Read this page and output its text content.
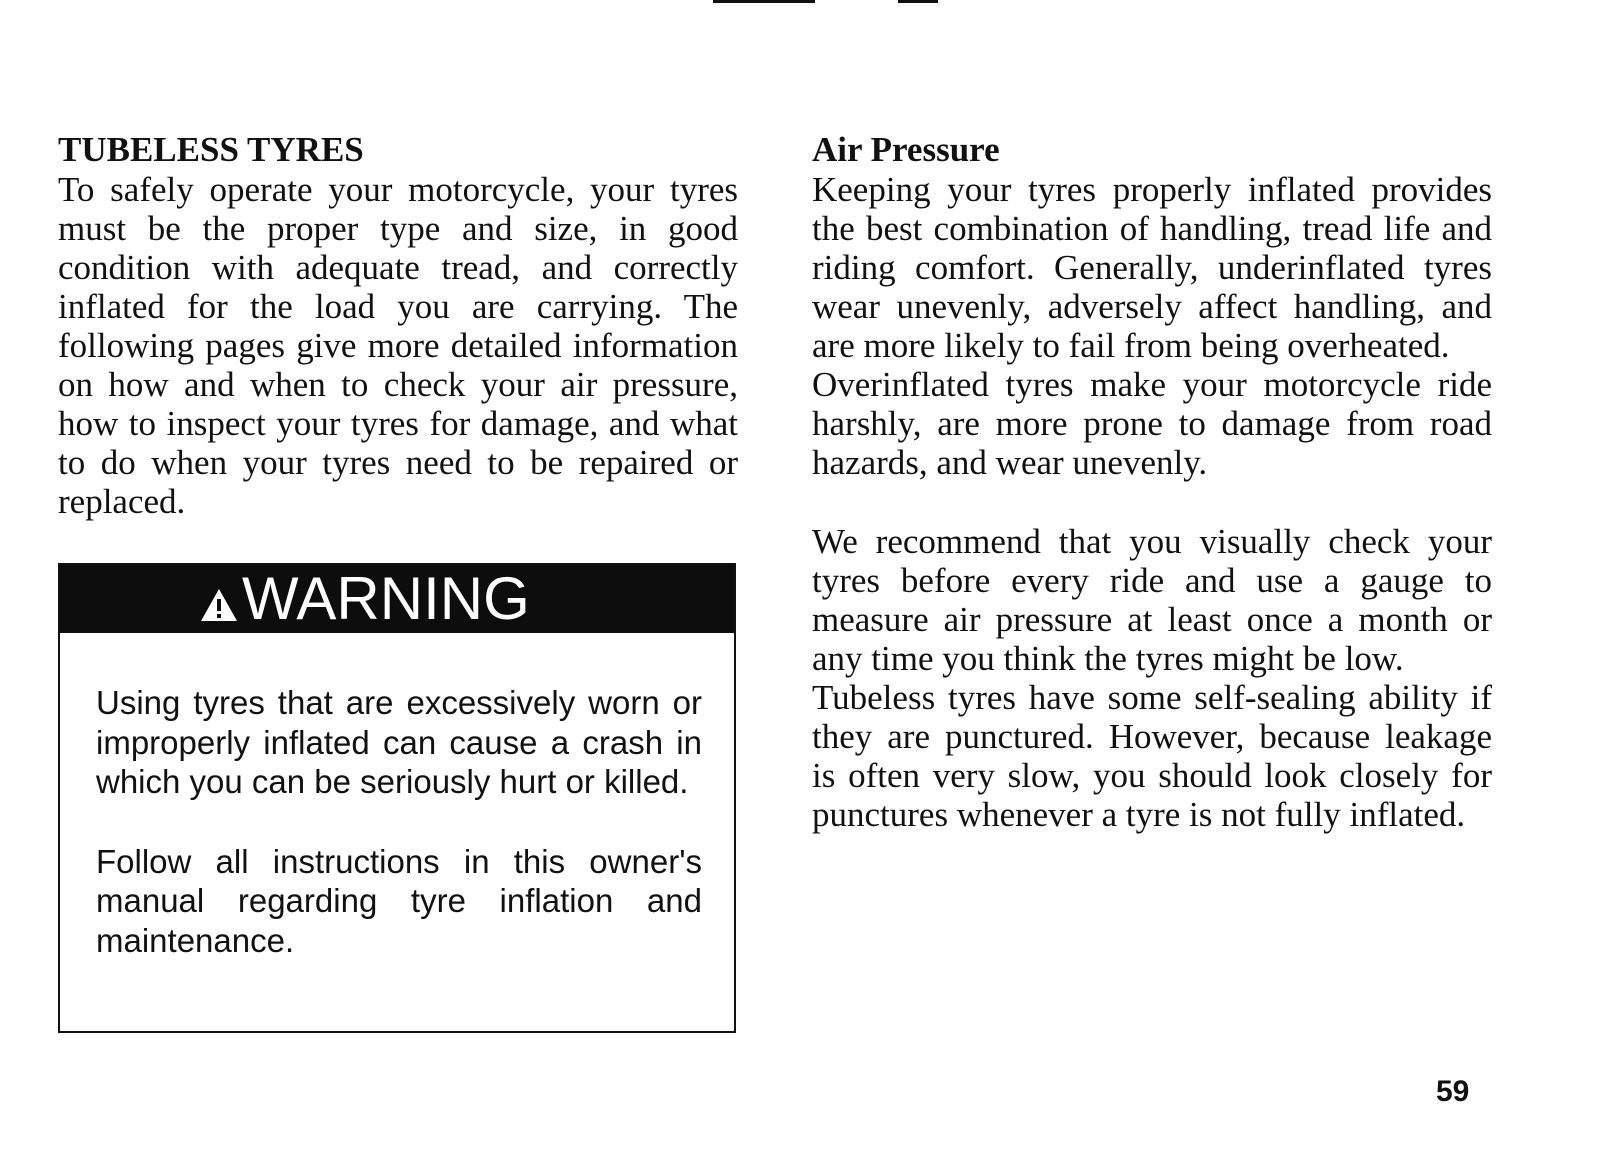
TUBELESS TYRES

To safely operate your motorcycle, your tyres must be the proper type and size, in good condition with adequate tread, and correctly inflated for the load you are carrying. The following pages give more detailed information on how and when to check your air pressure, how to inspect your tyres for damage, and what to do when your tyres need to be repaired or replaced.

WARNING

Using tyres that are excessively worn or improperly inflated can cause a crash in which you can be seriously hurt or killed.

Follow all instructions in this owner's manual regarding tyre inflation and maintenance.

Air Pressure

Keeping your tyres properly inflated provides the best combination of handling, tread life and riding comfort. Generally, underinflated tyres wear unevenly, adversely affect handling, and are more likely to fail from being overheated.

Overinflated tyres make your motorcycle ride harshly, are more prone to damage from road hazards, and wear unevenly.

We recommend that you visually check your tyres before every ride and use a gauge to measure air pressure at least once a month or any time you think the tyres might be low.

Tubeless tyres have some self-sealing ability if they are punctured. However, because leakage is often very slow, you should look closely for punctures whenever a tyre is not fully inflated.

59
